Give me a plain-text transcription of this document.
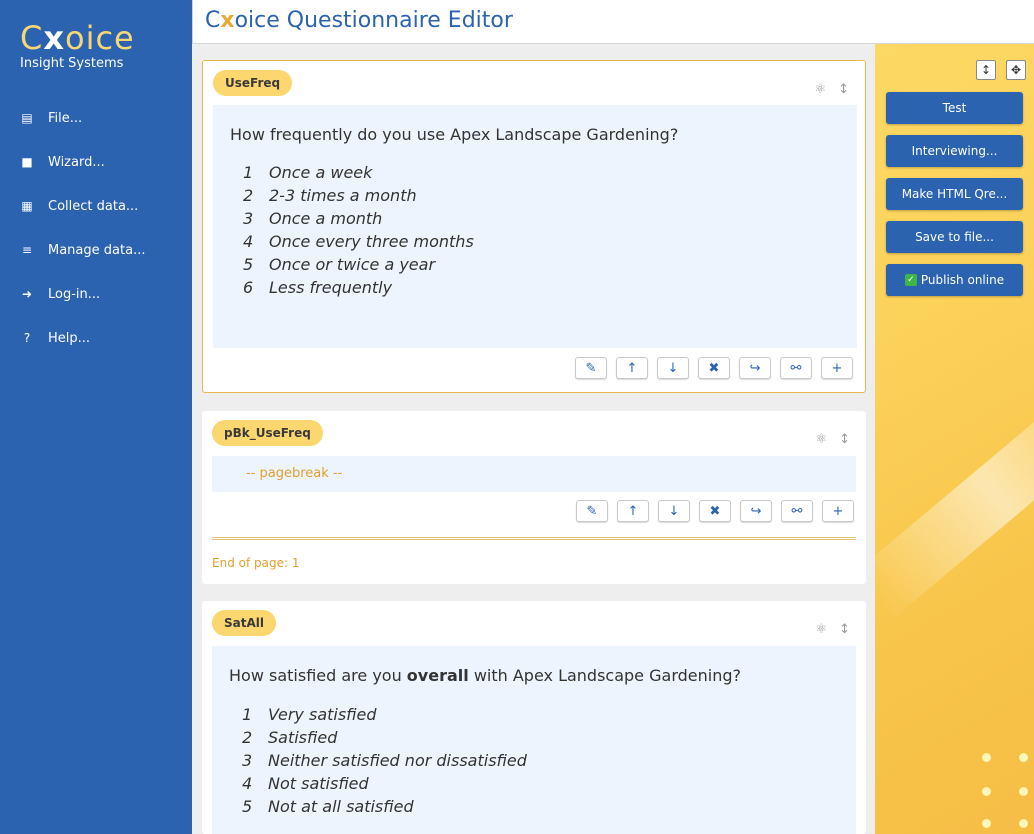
Cxoice
Insight Systems
▤ File...
■ Wizard...
▦ Collect data...
≡ Manage data...
➜ Log-in...
? Help...
Cxoice Questionnaire Editor
↕	✥
Test
Interviewing...
Make HTML Qre...
Save to file...
✓ Publish online
UseFreq	⚛ ↕
How frequently do you use Apex Landscape Gardening?
1 Once a week
2 2-3 times a month
3 Once a month
4 Once every three months
5 Once or twice a year
6 Less frequently
✎	↑	↓	✖	↪	⚯	+
pBk_UseFreq	⚛ ↕
-- pagebreak --
✎	↑	↓	✖	↪	⚯	+
End of page: 1
SatAll	⚛ ↕
How satisfied are you overall with Apex Landscape Gardening?
1 Very satisfied
2 Satisfied
3 Neither satisfied nor dissatisfied
4 Not satisfied
5 Not at all satisfied
